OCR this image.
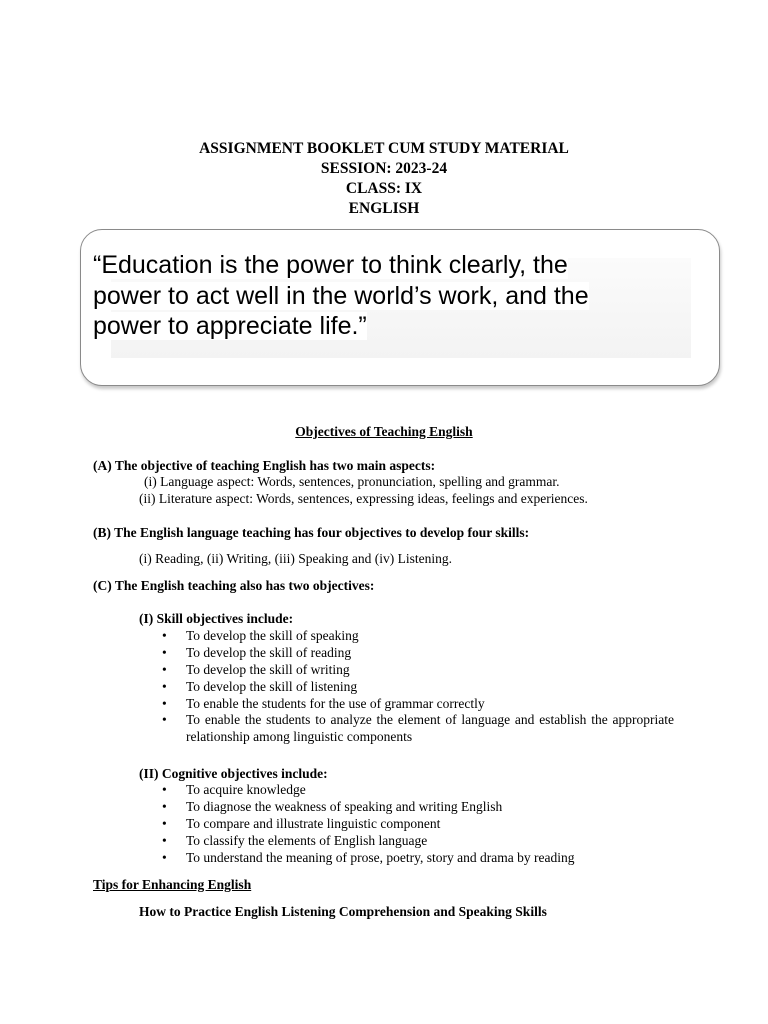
ASSIGNMENT BOOKLET CUM STUDY MATERIAL
SESSION: 2023-24
CLASS: IX
ENGLISH
“Education is the power to think clearly, the
power to act well in the world’s work, and the
power to appreciate life.”
Objectives of Teaching English
(A) The objective of teaching English has two main aspects:
(i) Language aspect: Words, sentences, pronunciation, spelling and grammar.
(ii) Literature aspect: Words, sentences, expressing ideas, feelings and experiences.
(B) The English language teaching has four objectives to develop four skills:
(i) Reading, (ii) Writing, (iii) Speaking and (iv) Listening.
(C) The English teaching also has two objectives:
(I) Skill objectives include:
• To develop the skill of speaking
• To develop the skill of reading
• To develop the skill of writing
• To develop the skill of listening
• To enable the students for the use of grammar correctly
• To enable the students to analyze the element of language and establish the appropriate relationship among linguistic components
(II) Cognitive objectives include:
• To acquire knowledge
• To diagnose the weakness of speaking and writing English
• To compare and illustrate linguistic component
• To classify the elements of English language
• To understand the meaning of prose, poetry, story and drama by reading
Tips for Enhancing English
How to Practice English Listening Comprehension and Speaking Skills
